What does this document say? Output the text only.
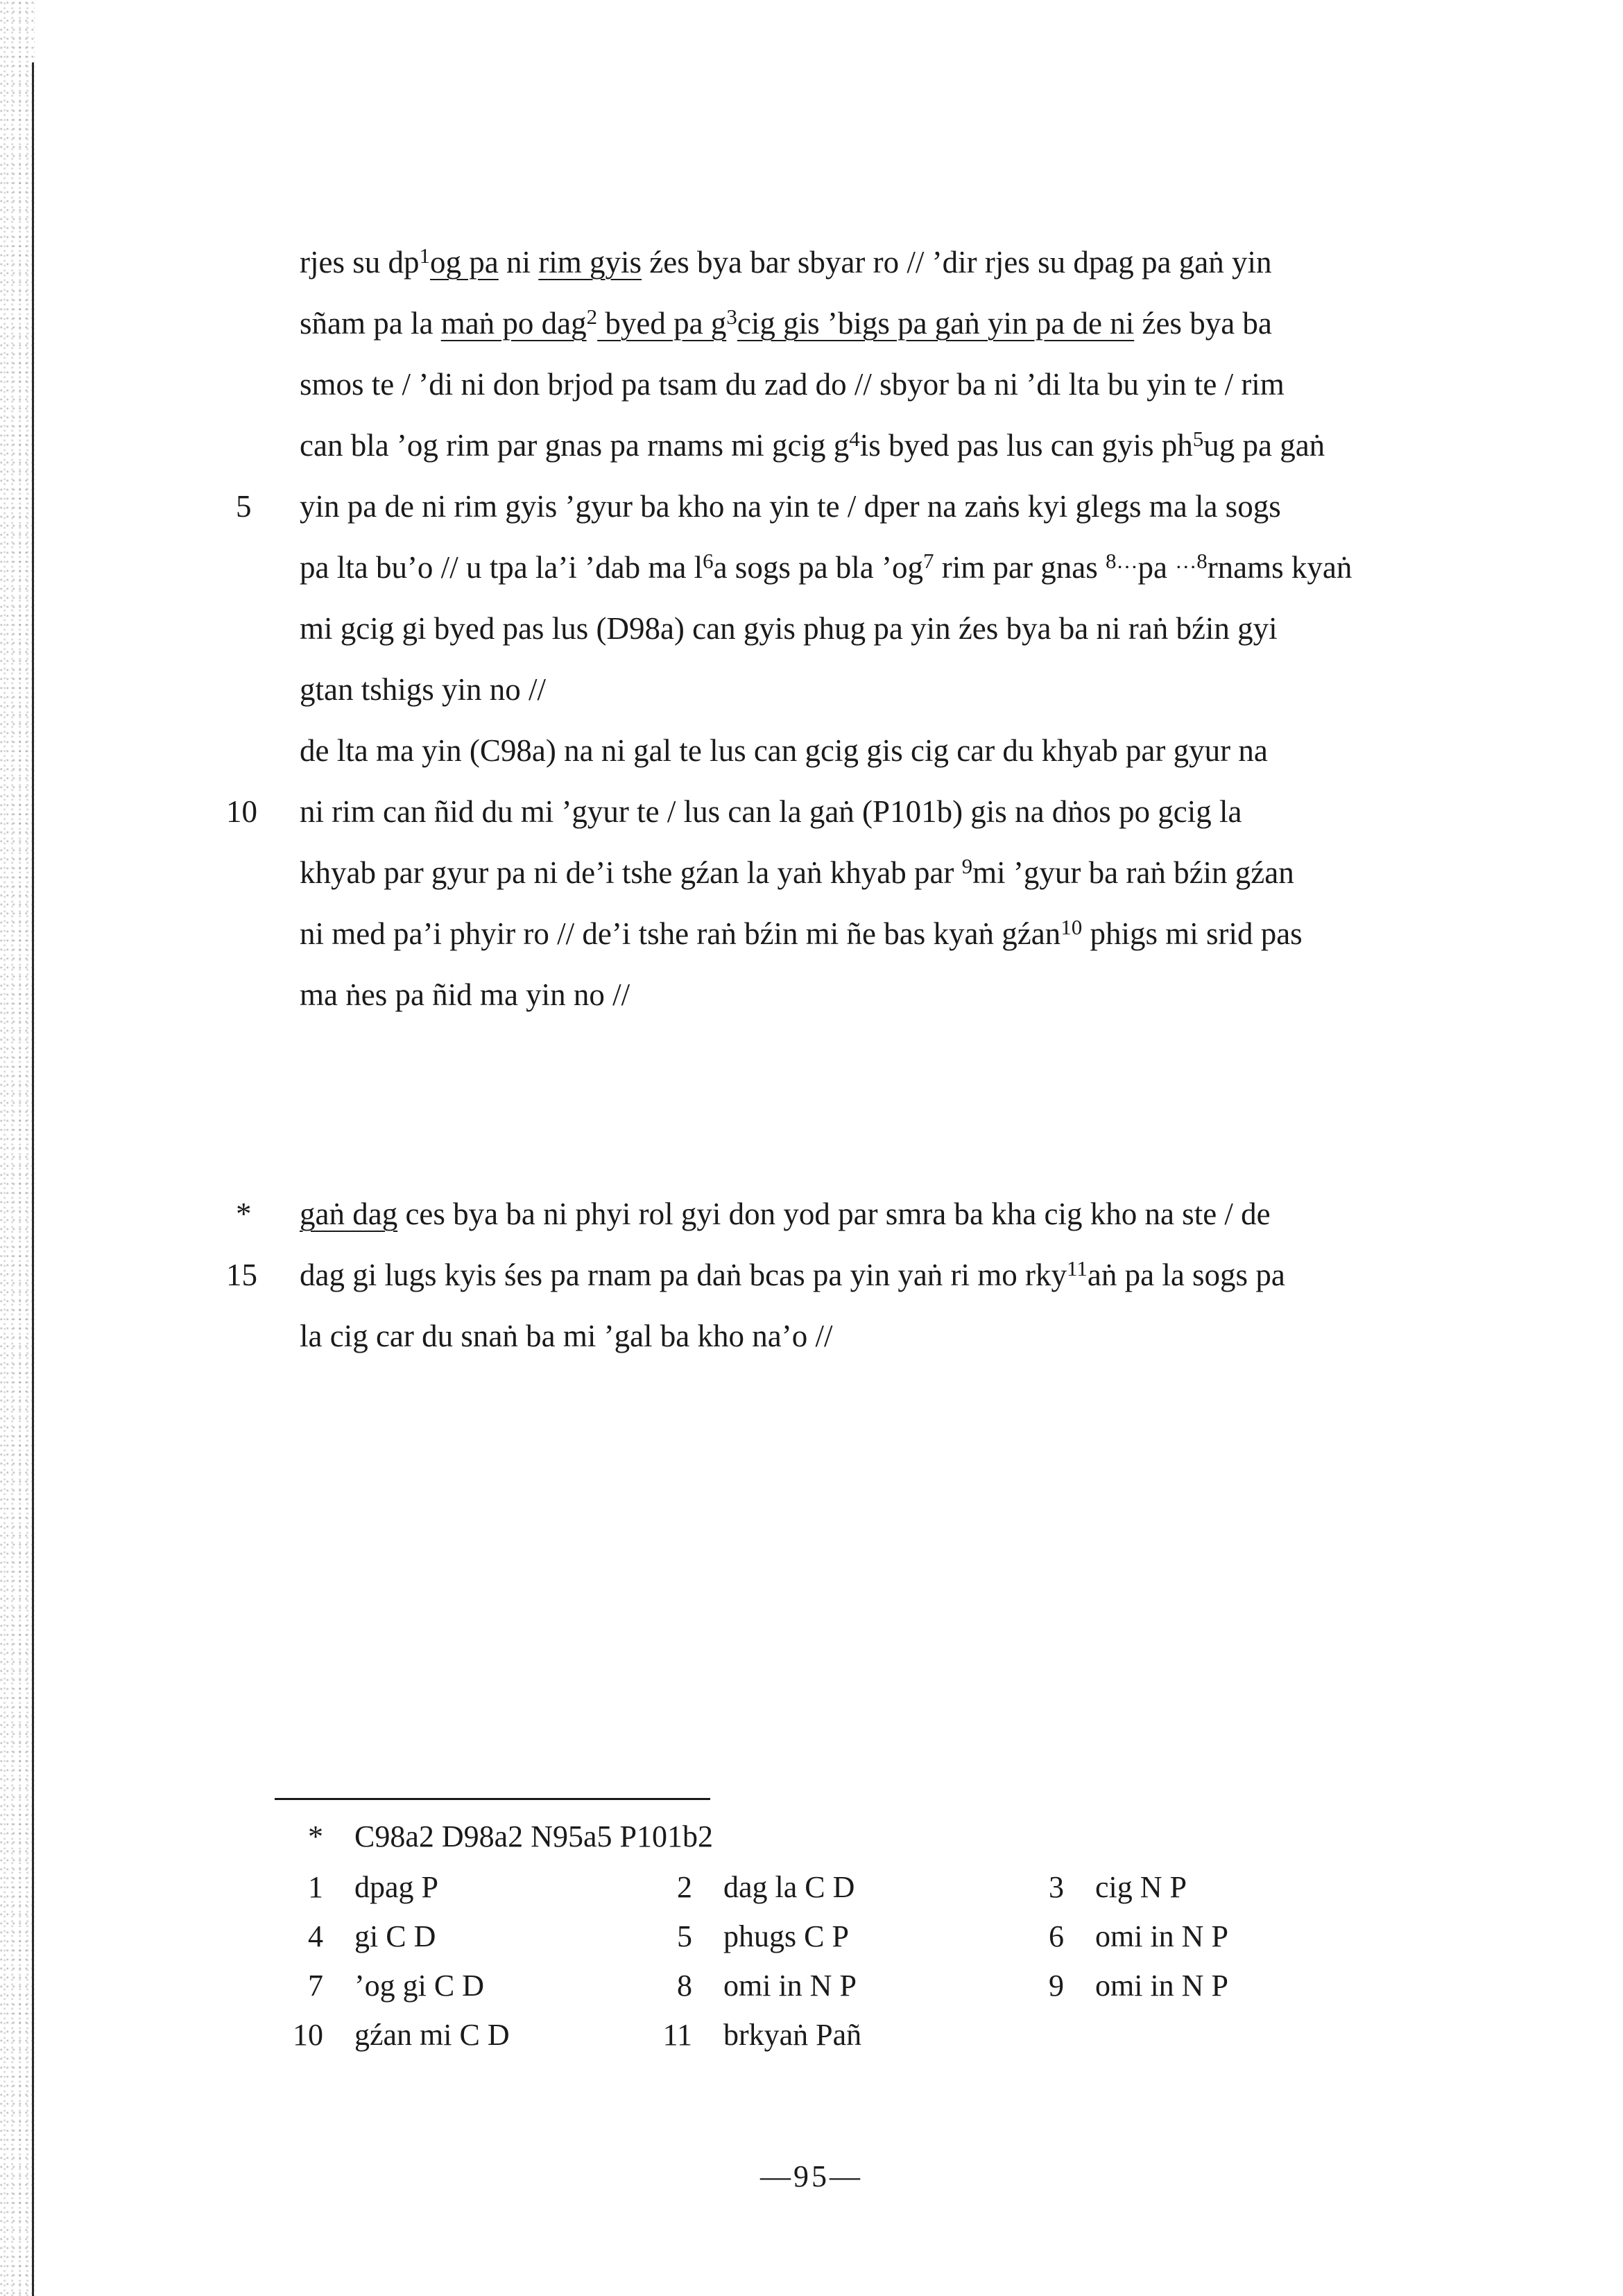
rjes su $dp^1og$ pa ni rim gyis źes bya bar sbyar ro // ’dir rjes su dpag pa gaṅ yin
sñam pa la maṅ po dag$^2$ byed pa $g^3cig$ gis ’bigs pa gaṅ yin pa de ni źes bya ba
smos te / ’di ni don brjod pa tsam du zad do // sbyor ba ni ’di lta bu yin te / rim
can bla ’og rim par gnas pa rnams mi gcig $g^4is$ byed pas lus can gyis $ph^5ug$ pa gaṅ
5	yin pa de ni rim gyis ’gyur ba kho na yin te / dper na zaṅs kyi glegs ma la sogs
pa lta bu’o // u tpa la’i ’dab ma $l^6a$ sogs pa bla $’og^7$ rim par gnas $^{8\dots}$pa $^{\dots 8}$rnams kyaṅ
mi gcig gi byed pas lus (D98a) can gyis phug pa yin źes bya ba ni raṅ bźin gyi
gtan tshigs yin no //
de lta ma yin (C98a) na ni gal te lus can gcig gis cig car du khyab par gyur na
10	ni rim can ñid du mi ’gyur te / lus can la gaṅ (P101b) gis na dṅos po gcig la
khyab par gyur pa ni de’i tshe gźan la yaṅ khyab par $^9$mi ’gyur ba raṅ bźin gźan
ni med pa’i phyir ro // de’i tshe raṅ bźin mi ñe bas kyaṅ gźan$^{10}$ phigs mi srid pas
ma ṅes pa ñid ma yin no //
*	gaṅ dag ces bya ba ni phyi rol gyi don yod par smra ba kha cig kho na ste / de
15	dag gi lugs kyis śes pa rnam pa daṅ bcas pa yin yaṅ ri mo rky$^{11}$aṅ pa la sogs pa
la cig car du snaṅ ba mi ’gal ba kho na’o //
* C98a2 D98a2 N95a5 P101b2
1 dpag P	2 dag la C D	3 cig N P
4 gi C D	5 phugs C P	6 omi in N P
7 ’og gi C D	8 omi in N P	9 omi in N P
10 gźan mi C D	11 brkyaṅ Pañ
—95—
